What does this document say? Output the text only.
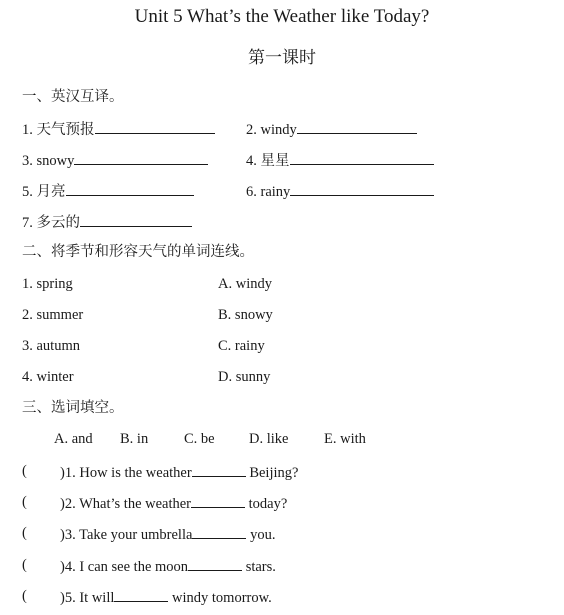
Unit 5 What’s the Weather like Today?
第一课时
一、英汉互译。
1. 天气预报	2. windy
3. snowy	4. 星星
5. 月亮	6. rainy
7. 多云的
二、将季节和形容天气的单词连线。
1. spring	A. windy
2. summer	B. snowy
3. autumn	C. rainy
4. winter	D. sunny
三、选词填空。
A. and B. in C. be D. like E. with
( )1. How is the weather	Beijing?
( )2. What’s the weather	today?
( )3. Take your umbrella	you.
( )4. I can see the moon	stars.
( )5. It will	windy tomorrow.
